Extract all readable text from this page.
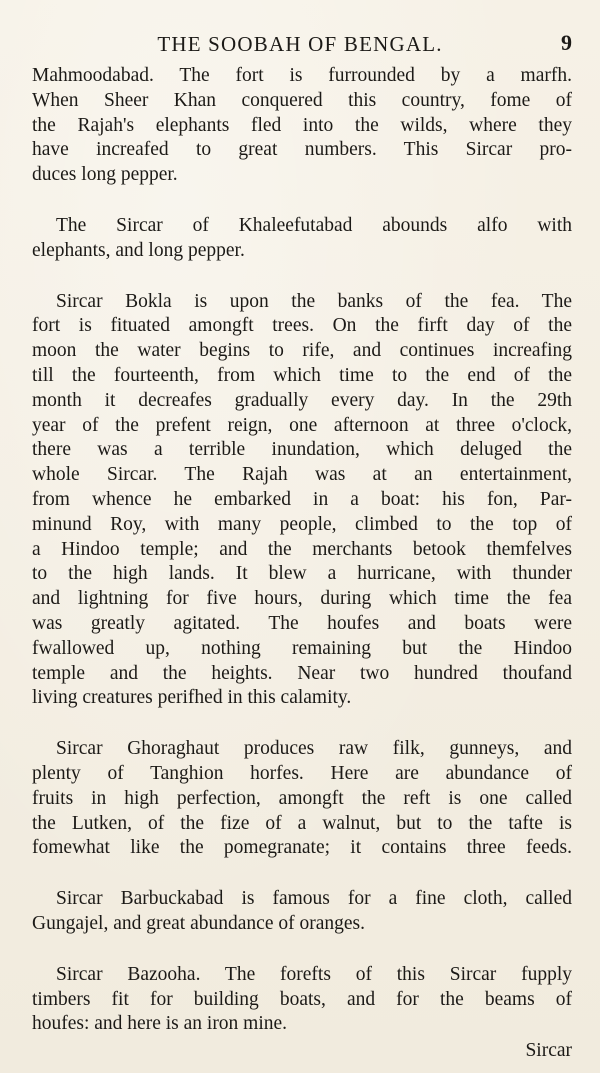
THE SOOBAH OF BENGAL.	9

Mahmoodabad. The fort is furrounded by a marfh.
When Sheer Khan conquered this country, fome of
the Rajah's elephants fled into the wilds, where they
have increafed to great numbers. This Sircar pro-
duces long pepper.

The Sircar of Khaleefutabad abounds alfo with
elephants, and long pepper.

Sircar Bokla is upon the banks of the fea. The
fort is fituated amongft trees. On the firft day of the
moon the water begins to rife, and continues increafing
till the fourteenth, from which time to the end of the
month it decreafes gradually every day. In the 29th
year of the prefent reign, one afternoon at three o'clock,
there was a terrible inundation, which deluged the
whole Sircar. The Rajah was at an entertainment,
from whence he embarked in a boat: his fon, Par-
minund Roy, with many people, climbed to the top of
a Hindoo temple; and the merchants betook themfelves
to the high lands. It blew a hurricane, with thunder
and lightning for five hours, during which time the fea
was greatly agitated. The houfes and boats were
fwallowed up, nothing remaining but the Hindoo
temple and the heights. Near two hundred thoufand
living creatures perifhed in this calamity.

Sircar Ghoraghaut produces raw filk, gunneys, and
plenty of Tanghion horfes. Here are abundance of
fruits in high perfection, amongft the reft is one called
the Lutken, of the fize of a walnut, but to the tafte is
fomewhat like the pomegranate; it contains three feeds.

Sircar Barbuckabad is famous for a fine cloth, called
Gungajel, and great abundance of oranges.

Sircar Bazooha. The forefts of this Sircar fupply
timbers fit for building boats, and for the beams of
houfes: and here is an iron mine.

Sircar
